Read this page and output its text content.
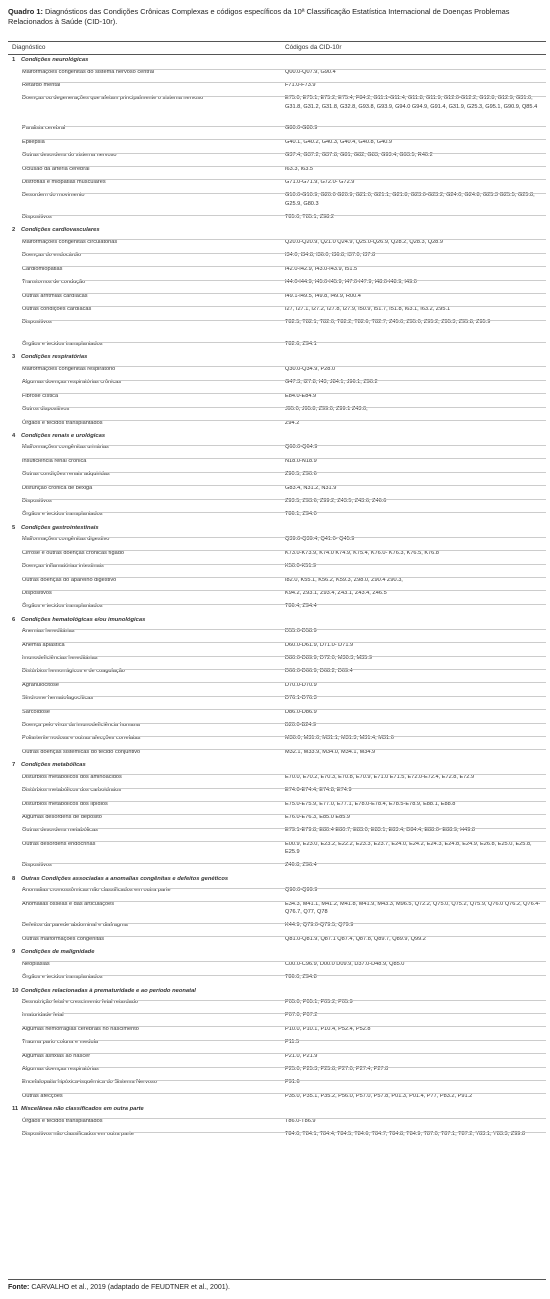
Quadro 1: Diagnósticos das Condições Crônicas Complexas e códigos específicos da 10ª Classificação Estatística Internacional de Doenças Problemas Relacionados à Saúde (CID-10r).
Diagnóstico	Códigos da CID-10r
1 Condições neurológicas
Malformações congênitas do sistema nervoso central	Q00.0-Q07.9, G90.4
Retardo mental	F71.0-F73.9
Doenças ou degenerações que afetam principalmente o sistema nervoso	E75.0, E75.1, E75.2, E75.4, F84.2, G11.1-G11.4, G11.8, G11.9, G12.0-G12.2, G12.8, G12.9, G31.0, G31.8, G31.2, G31.8, G32.8, G93.8, G93.9, G94.0 G94.9, G91.4, G31.9, G25.3, G95.1, G90.9, Q85.4
Paralisia cerebral	G80.0-G80.9
Epilepsia	G40.1, G40.2, G40.3, G40.4, G40.8, G40.9
Outras desordens do sistema nervoso	G37.4, G37.2, G37.8, G81, G82, G83, G93.4, G93.5, R40.2
Oclusão da artéria cerebral	I63.3, I63.5
Distrofias e miopatias musculares	G71.0-G71.9, G72.0- G72.9
Desordem do movimento	G10.0-G10.9, G20.0 G20.9, G21.0, G21.1, G21.8, G23.0-G23.2, G24.0, G24.8, G25.3 G25.5, G25.8, G25.9, G80.3
Dispositivos	T85.0, T85.1, Z98.2
2 Condições cardiovasculares
Malformações congênitas circulatórias	Q20.0-Q20.9, Q21.0 Q24.9, Q25.0-Q26.9, Q28.2, Q28.3, Q28.9
Doenças do endocárdio	I34.0, I34.8, I36.0, I36.8, I37.0, I37.8
Cardiomiopatias	I42.0-I42.9, I43.0-I43.9, I51.5
Transtornos de condução	I44.0-I44.9, I45.0-I45.9, I47.0-I47.9, I48.0-I48.9, I49.0
Outras arritmias cardíacas	I49.1-I49.5, I49.8, I49.9, R00.4
Outras condições cardíacas	I27, I27.1, I27.2, I27.8, I27.9, I50.9, I51.7, I51.8, I63.1, I63.2, Z95.1
Dispositivos	T82.5, T82.1, T82.0, T82.2, T82.6, T82.7, Z45.0, Z95.0, Z95.2, Z95.3, Z95.8, Z95.9
Órgãos e tecidos transplantados	T82.6, Z94.1
3 Condições respiratórias
Malformações congênitas respiratório	Q30.0-Q34.9, P28.0
Algumas doenças respiratórias crônicas	G47.3, I27.8, I43, J84.1, J96.1, Z90.2
Fibrose cística	E84.0-E84.9
Outros dispositivos	J95.0, J95.8, Z99.0, Z99.1 Z43.0,
Órgãos e tecidos transplantados	Z94.2
4 Condições renais e urológicas
Malformações congênitas urinárias	Q60.0-Q64.9
Insuficiência renal crônica	N18.0-N18.9
Outras condições renais adquiridas	Z90.5, Z90.6
Disfunção crônica de bexiga	G83.4, N31.2, N31.9
Dispositivos	Z93.5, Z93.6, Z99.2, Z43.5, Z43.6, Z46.6
Órgãos e tecidos transplantados	T86.1, Z94.0
5 Condições gastrointestinais
Malformações congênitas digestivo	Q39.0-Q39.4, Q41.0- Q45.9
Cirrose e outras doenças crônicas fígado	K73.0-K73.9, K74.0 K74.9, K75.4, K76.0- K76.3, K76.5, K76.8
Doenças inflamatórias intestinais	K50.0-K51.9
Outras doenças do aparelho digestivo	I82.0, K55.1, K56.2, K59.3, Z98.0, Z90.4 Z90.3,
Dispositivos	K94.2, Z93.1, Z93.4, Z43.1, Z43.4, Z46.5
Órgãos e tecidos transplantados	T86.4, Z94.4
6 Condições hematológicas e/ou imunológicas
Anemias hereditárias	D55.0-D58.9
Anemia aplástica	D60.0-D61.9, D71.0- D71.9
Imunodeficiências hereditárias	D80.0-D89.9, D72.0, M30.3, M35.9
Distúrbios hemorrágicos e de coagulação	D66.0-D66.9, D68.2, D69.4
Agranulocitose	D70.0-D70.9
Síndrome hematofagocíticas	D76.1-D76.3
Sarcoidose	D86.0-D86.9
Doença pelo vírus da imunodeficiência humana	B20.0-B24.9
Poliarterite nodosa e outras afecções correlatas	M30.0, M31.0, M31.1, M31.3, M31.4, M31.6
Outras doenças sistêmicas do tecido conjuntivo	M32.1, M33.9, M34.0, M34.1, M34.9
7 Condições metabólicas
Distúrbios metabólicos dos aminoácidos	E70.0, E70.2, E70.3, E70.8, E70.9, E71.0 E71.5, E72.0-E72.4, E72.8, E72.9
Distúrbios metabólicos dos carboidratos	E74.0-E74.4, E74.8, E74.9
Distúrbios metabólicos dos lipídios	E75.0-E75.9, E77.0, E77.1, E78.0-E78.4, E78.5-E78.9, E88.1, E88.8
Algumas desordens de depósito	E76.0-E76.3, E85.0 E85.9
Outras desordens metabólicas	E79.1-E79.8, E80.4 E80.7, E83.0, E83.1, E83.4, D84.4, E88.0- E88.9, H49.8
Outras desordens endócrinas	E00.9, E23.0, E23.2, E22.2, E23.3, E23.7, E24.0, E24.2, E24.3, E24.8, E24.9, E26.8, E25.0, E25.8, E25.9
Dispositivos	Z46.8, Z96.4
8 Outras Condições associadas a anomalias congênitas e defeitos genéticos
Anomalias cromossômicas não classificados em outra parte	Q90.0-Q99.9
Anomalias ósseas e das articulações	E34.3, M41.1, M41.2, M41.8, M41.9, M43.3, M96.5, Q72.2, Q75.0, Q75.2, Q75.9, Q76.0 Q76.2, Q76.4-Q76.7, Q77, Q78
Defeitos da parede abdominal e diafragma	K44.9, Q79.0-Q79.5, Q79.9
Outras malformações congênitas	Q81.0-Q81.9, Q87.1 Q87.4, Q87.8, Q89.7, Q89.9, Q99.2
9 Condições de malignidade
Neoplasias	C00.0-C96.9, D00.0 D09.9, D37.0-D48.9, Q85.0
Órgãos e tecidos transplantados	T86.0, Z94.8
10 Condições relacionadas à prematuridade e ao período neonatal
Desnutrição fetal e crescimento fetal retardado	P05.0, P05.1, P05.2, P05.9
Imaturidade fetal	P07.0, P07.2
Algumas hemorragias cerebrais no nascimento	P10.0, P10.1, P10.4, P52.4, P52.8
Trauma parto coluna e medula	P11.5
Algumas asfixias ao nascer	P21.0, P21.9
Algumas doenças respiratórias	P25.0, P25.3, P25.8, P27.0, P27.4, P27.8
Encefalopatia hipóxica-isquêmica do Sistema Nervoso	P91.6
Outras afecções	P35.0, P35.1, P35.2, P56.0, P57.0, P57.8, P01.3, P01.4, P77, P83.2, P91.2
11 Miscelânea não classificados em outra parte
Órgãos e tecidos transplantados	T86.0-T86.9
Dispositivos não classificados em outra parte	T84.0, T84.1, T84.4, T84.5, T84.6, T84.7, T84.8, T84.9, T87.0, T87.1, T87.2, Y83.1, Y83.3, Z99.8
Fonte: CARVALHO et al., 2019 (adaptado de FEUDTNER et al., 2001).
